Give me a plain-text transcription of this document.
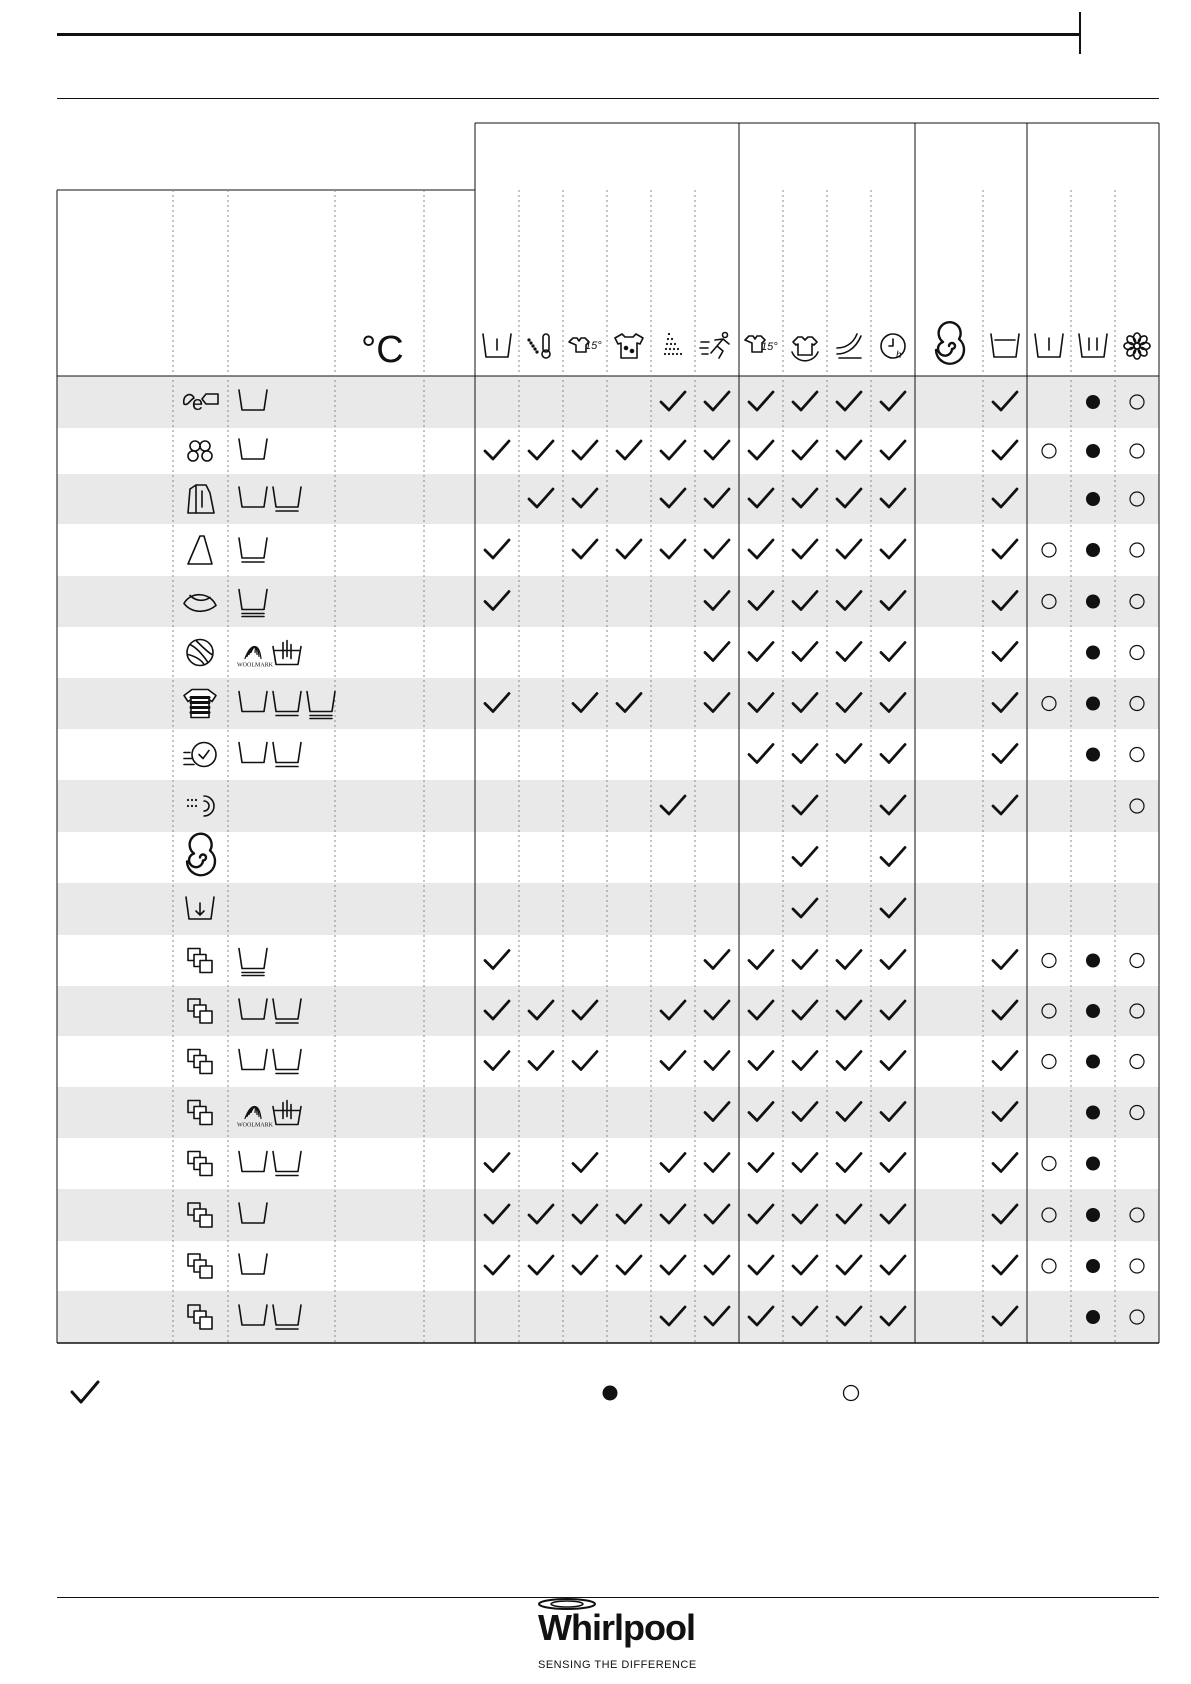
°C	15°	15°
h
e
WOOLMARK
WOOLMARK
Whirlpool
SENSING THE DIFFERENCE
